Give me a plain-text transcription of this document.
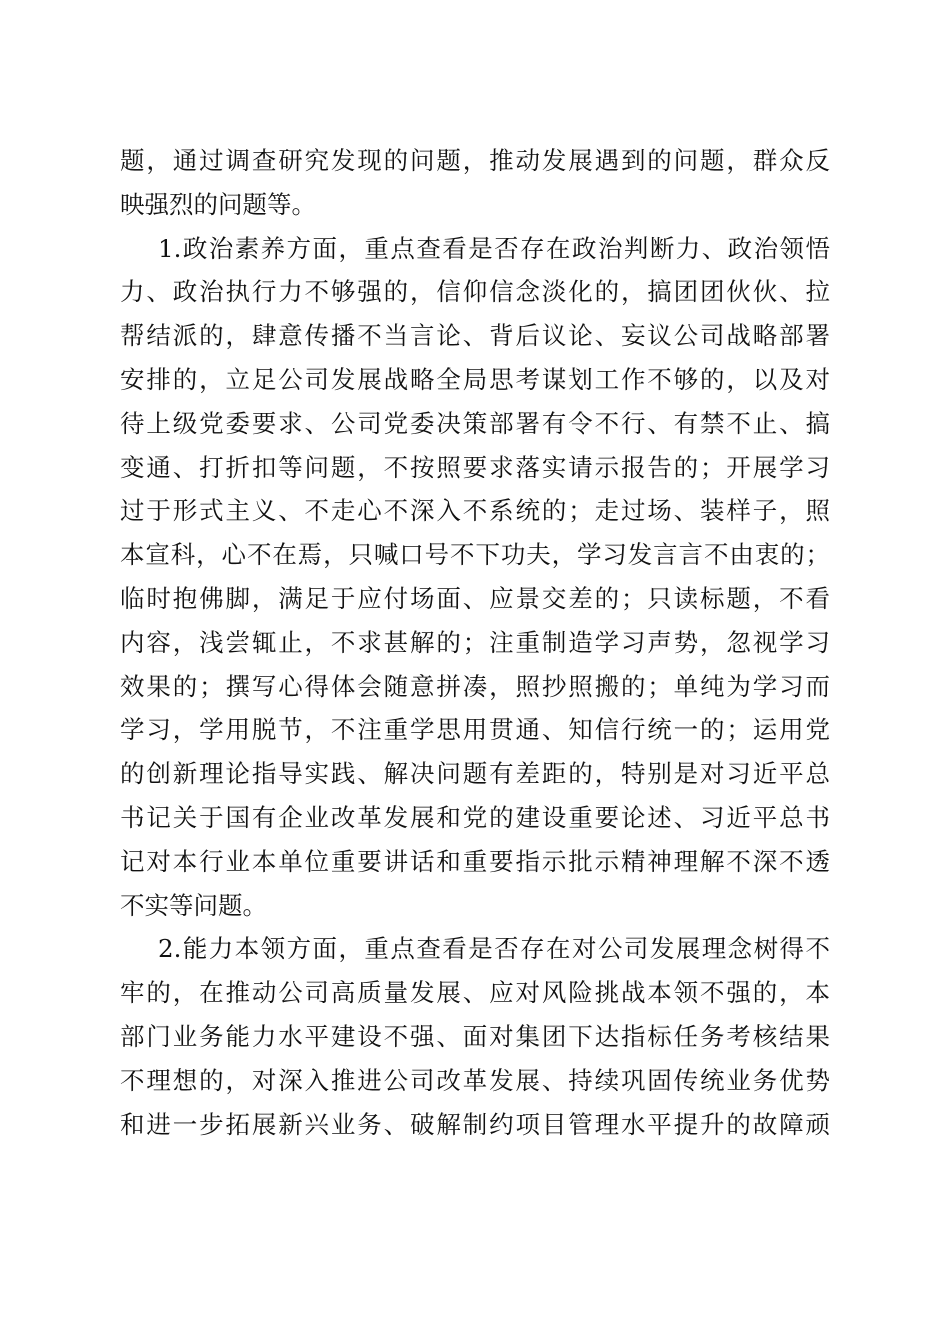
题，通过调查研究发现的问题，推动发展遇到的问题，群众反
映强烈的问题等。
1.政治素养方面，重点查看是否存在政治判断力、政治领悟
力、政治执行力不够强的，信仰信念淡化的，搞团团伙伙、拉
帮结派的，肆意传播不当言论、背后议论、妄议公司战略部署
安排的，立足公司发展战略全局思考谋划工作不够的，以及对
待上级党委要求、公司党委决策部署有令不行、有禁不止、搞
变通、打折扣等问题，不按照要求落实请示报告的；开展学习
过于形式主义、不走心不深入不系统的；走过场、装样子，照
本宣科，心不在焉，只喊口号不下功夫，学习发言言不由衷的；
临时抱佛脚，满足于应付场面、应景交差的；只读标题，不看
内容，浅尝辄止，不求甚解的；注重制造学习声势，忽视学习
效果的；撰写心得体会随意拼凑，照抄照搬的；单纯为学习而
学习，学用脱节，不注重学思用贯通、知信行统一的；运用党
的创新理论指导实践、解决问题有差距的，特别是对习近平总
书记关于国有企业改革发展和党的建设重要论述、习近平总书
记对本行业本单位重要讲话和重要指示批示精神理解不深不透
不实等问题。
2.能力本领方面，重点查看是否存在对公司发展理念树得不
牢的，在推动公司高质量发展、应对风险挑战本领不强的，本
部门业务能力水平建设不强、面对集团下达指标任务考核结果
不理想的，对深入推进公司改革发展、持续巩固传统业务优势
和进一步拓展新兴业务、破解制约项目管理水平提升的故障顽
